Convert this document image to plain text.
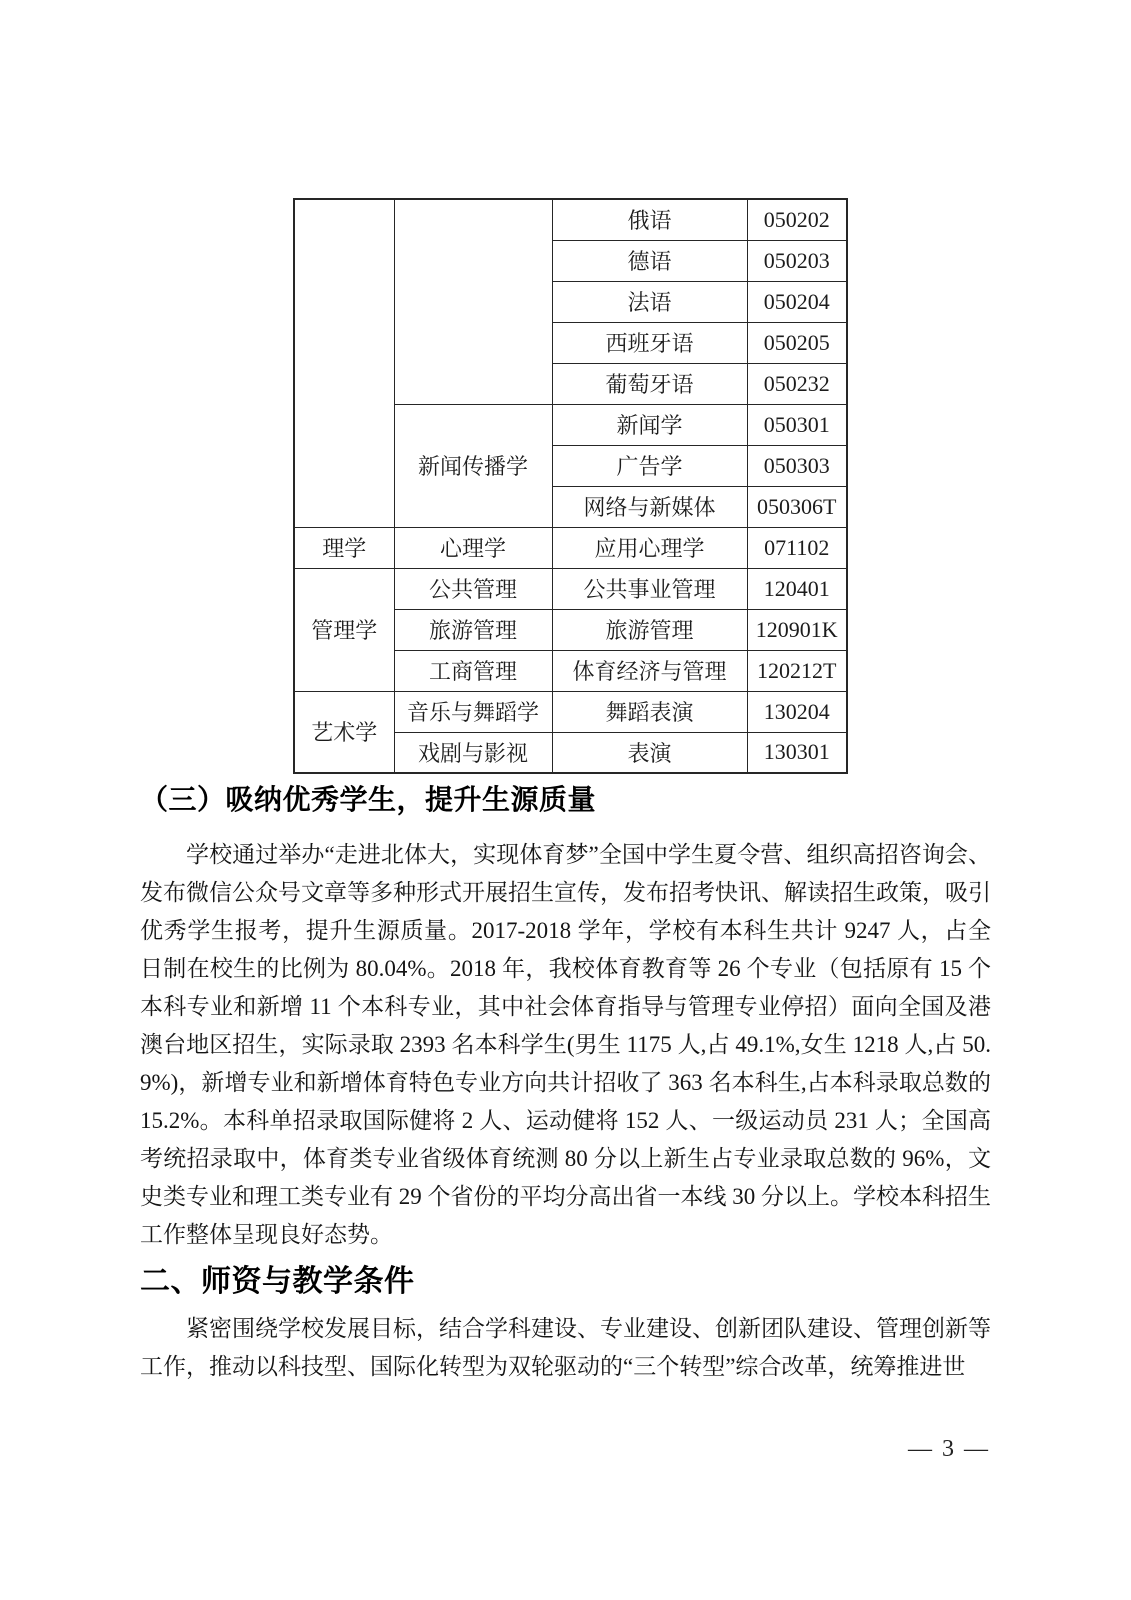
		俄语	050202
		德语	050203
		法语	050204
		西班牙语	050205
		葡萄牙语	050232
	新闻传播学	新闻学	050301
		广告学	050303
		网络与新媒体	050306T
理学	心理学	应用心理学	071102
管理学	公共管理	公共事业管理	120401
	旅游管理	旅游管理	120901K
	工商管理	体育经济与管理	120212T
艺术学	音乐与舞蹈学	舞蹈表演	130204
	戏剧与影视	表演	130301
（三）吸纳优秀学生，提升生源质量

学校通过举办“走进北体大，实现体育梦”全国中学生夏令营、组织高招咨询会、发布微信公众号文章等多种形式开展招生宣传，发布招考快讯、解读招生政策，吸引优秀学生报考，提升生源质量。2017-2018 学年，学校有本科生共计 9247 人，占全日制在校生的比例为 80.04%。2018 年，我校体育教育等 26 个专业（包括原有 15 个本科专业和新增 11 个本科专业，其中社会体育指导与管理专业停招）面向全国及港澳台地区招生，实际录取 2393 名本科学生(男生 1175 人,占 49.1%,女生 1218 人,占 50.9%)，新增专业和新增体育特色专业方向共计招收了 363 名本科生,占本科录取总数的 15.2%。本科单招录取国际健将 2 人、运动健将 152 人、一级运动员 231 人；全国高考统招录取中，体育类专业省级体育统测 80 分以上新生占专业录取总数的 96%，文史类专业和理工类专业有 29 个省份的平均分高出省一本线 30 分以上。学校本科招生工作整体呈现良好态势。

二、师资与教学条件

紧密围绕学校发展目标，结合学科建设、专业建设、创新团队建设、管理创新等工作，推动以科技型、国际化转型为双轮驱动的“三个转型”综合改革，统筹推进世

— 3 —
